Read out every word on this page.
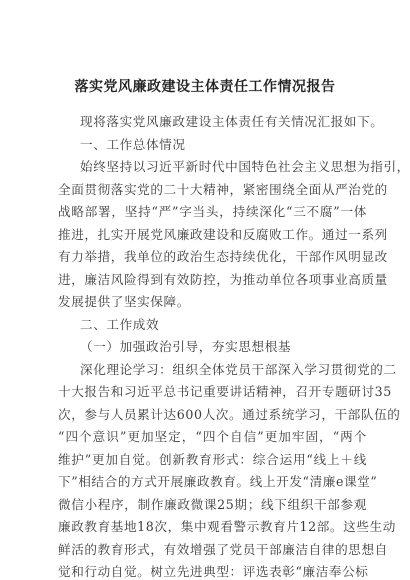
落实党风廉政建设主体责任工作情况报告
现将落实党风廉政建设主体责任有关情况汇报如下。
一、工作总体情况
始终坚持以习近平新时代中国特色社会主义思想为指引，
全面贯彻落实党的二十大精神，紧密围绕全面从严治党的
战略部署，坚持“严”字当头，持续深化“三不腐”一体
推进，扎实开展党风廉政建设和反腐败工作。通过一系列
有力举措，我单位的政治生态持续优化，干部作风明显改
进，廉洁风险得到有效防控，为推动单位各项事业高质量
发展提供了坚实保障。
二、工作成效
（一）加强政治引导，夯实思想根基
深化理论学习：组织全体党员干部深入学习贯彻党的二
十大报告和习近平总书记重要讲话精神，召开专题研讨35
次，参与人员累计达600人次。通过系统学习，干部队伍的
“四个意识”更加坚定，“四个自信”更加牢固，“两个
维护”更加自觉。创新教育形式：综合运用“线上＋线
下”相结合的方式开展廉政教育。线上开发“清廉e课堂”
微信小程序，制作廉政微课25期；线下组织干部参观
廉政教育基地18次，集中观看警示教育片12部。这些生动
鲜活的教育形式，有效增强了党员干部廉洁自律的思想自
觉和行动自觉。树立先进典型：评选表彰“廉洁奉公标
